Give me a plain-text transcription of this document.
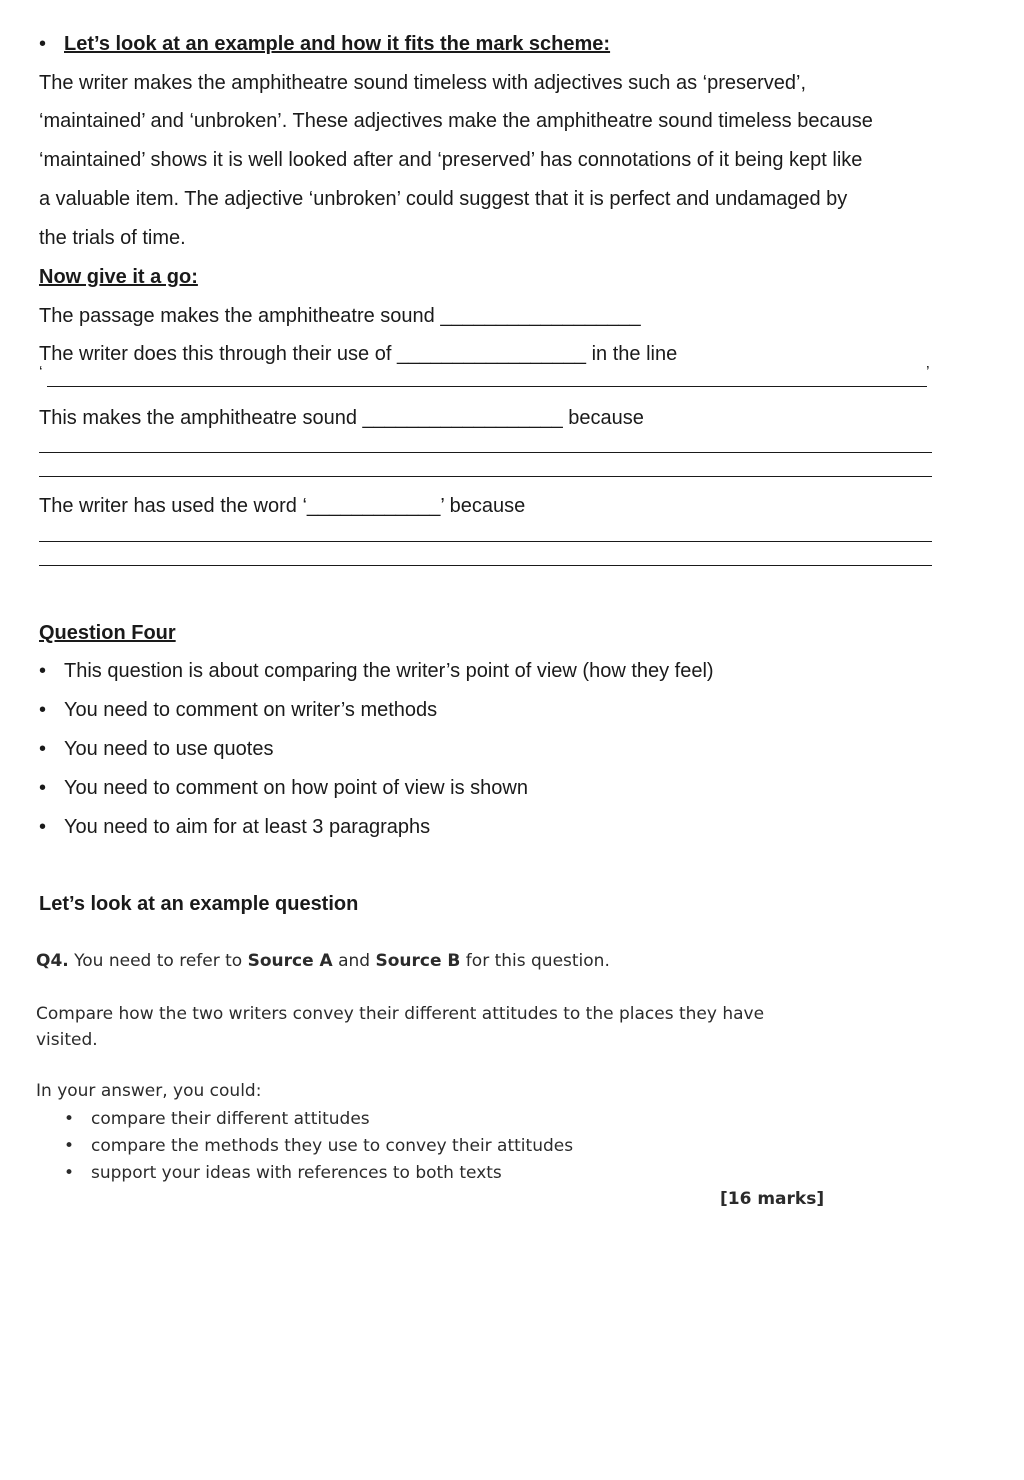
• Let’s look at an example and how it fits the mark scheme:
The writer makes the amphitheatre sound timeless with adjectives such as ‘preserved’,
‘maintained’ and ‘unbroken’. These adjectives make the amphitheatre sound timeless because
‘maintained’ shows it is well looked after and ‘preserved’ has connotations of it being kept like
a valuable item. The adjective ‘unbroken’ could suggest that it is perfect and undamaged by
the trials of time.
Now give it a go:
The passage makes the amphitheatre sound __________________
The writer does this through their use of _________________ in the line
‘	’
This makes the amphitheatre sound __________________ because
The writer has used the word ‘____________’ because
Question Four
• This question is about comparing the writer’s point of view (how they feel)
• You need to comment on writer’s methods
• You need to use quotes
• You need to comment on how point of view is shown
• You need to aim for at least 3 paragraphs
Let’s look at an example question
Q4. You need to refer to Source A and Source B for this question.
Compare how the two writers convey their different attitudes to the places they have
visited.
In your answer, you could:
• compare their different attitudes
• compare the methods they use to convey their attitudes
• support your ideas with references to both texts
[16 marks]
